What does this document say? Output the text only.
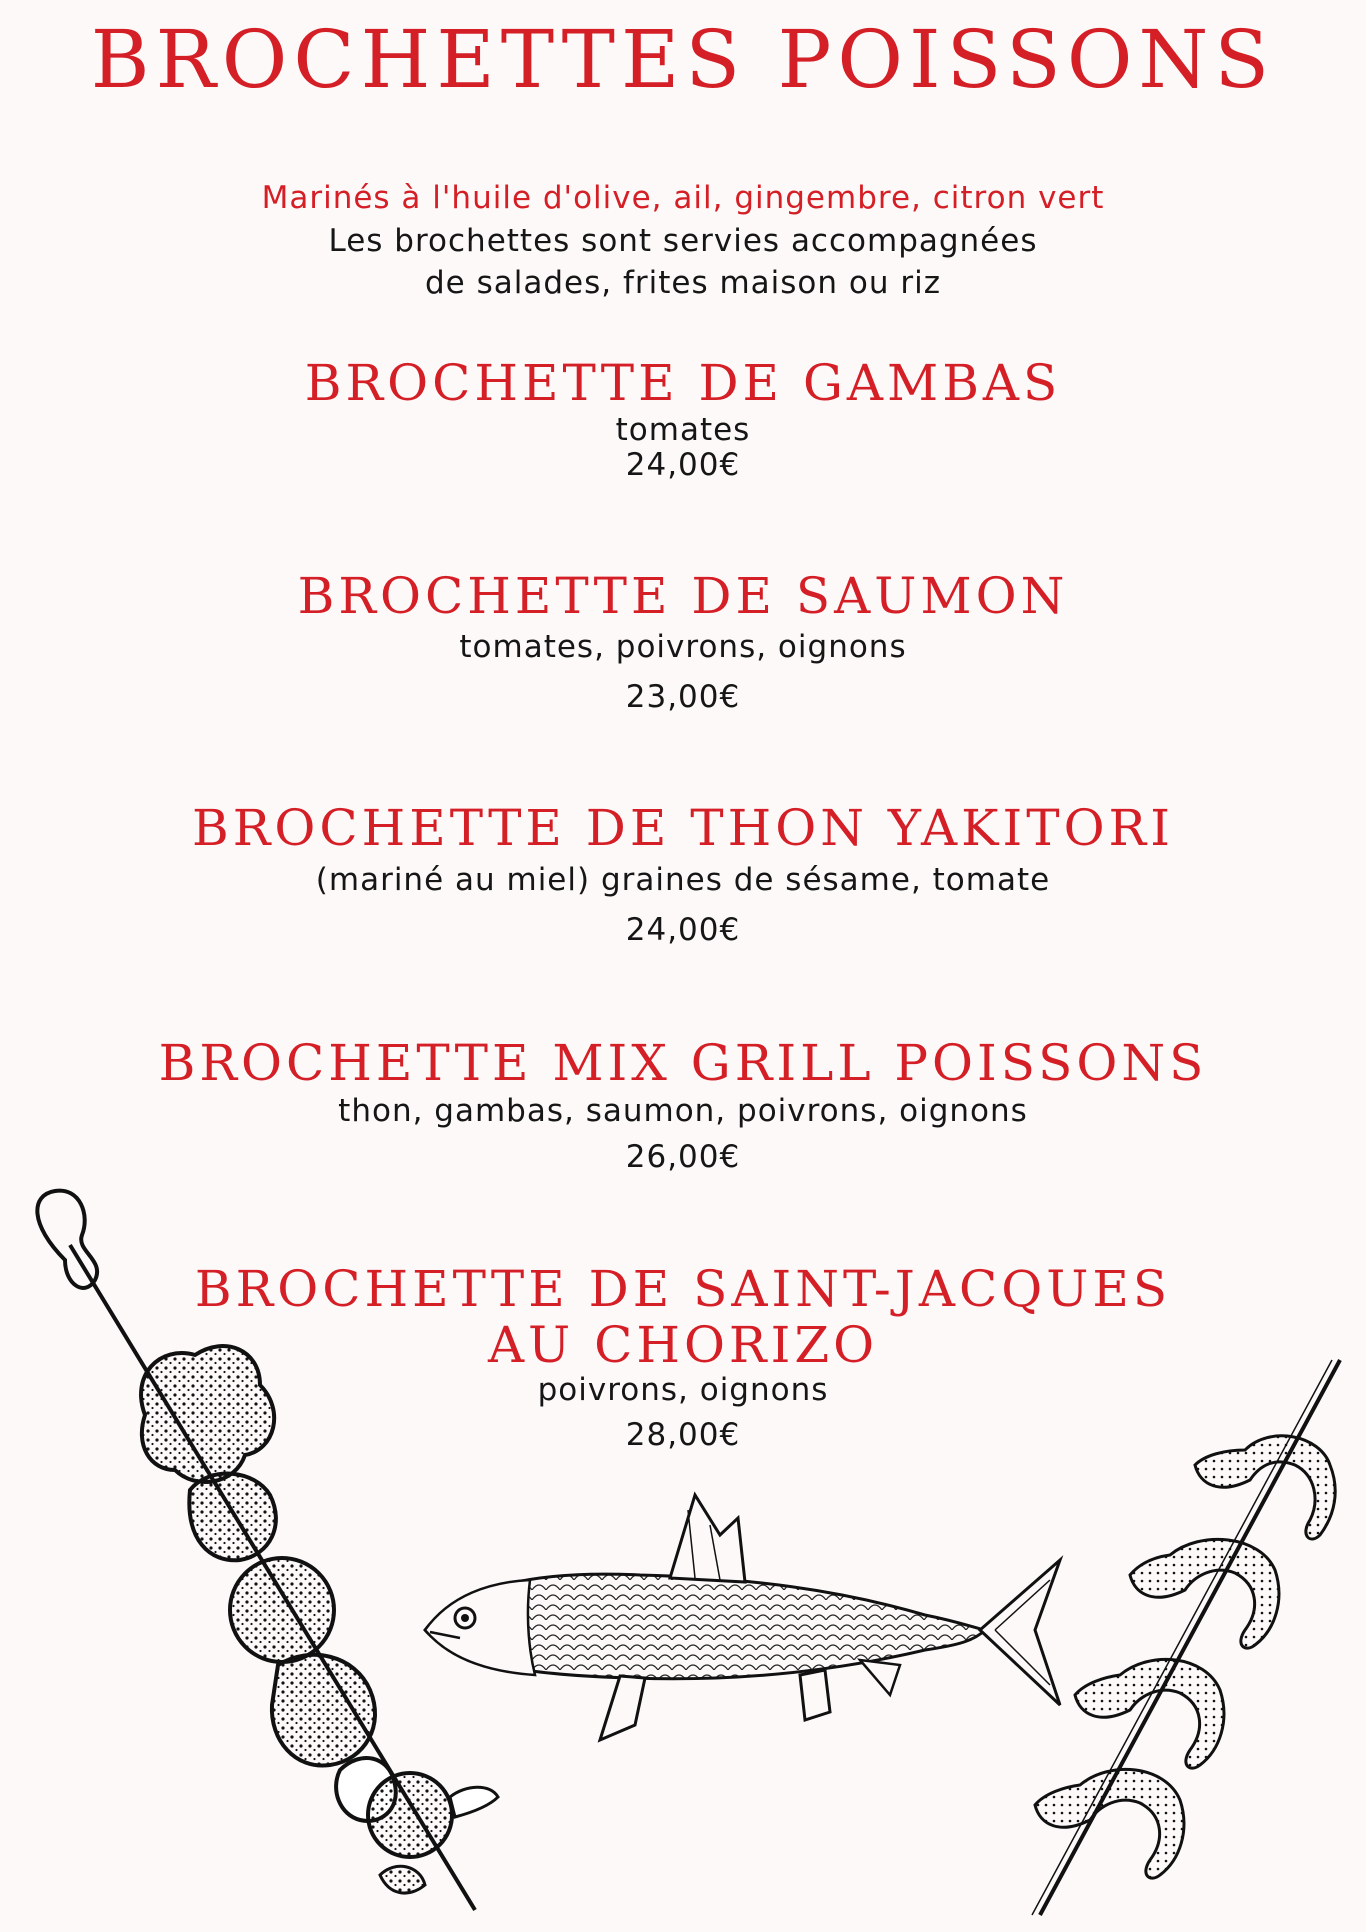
BROCHETTES POISSONS

Marinés à l'huile d'olive, ail, gingembre, citron vert
Les brochettes sont servies accompagnées
de salades, frites maison ou riz

BROCHETTE DE GAMBAS

tomates

24,00€

BROCHETTE DE SAUMON

tomates, poivrons, oignons

23,00€

BROCHETTE DE THON YAKITORI

(mariné au miel) graines de sésame, tomate

24,00€

BROCHETTE MIX GRILL POISSONS

thon, gambas, saumon, poivrons, oignons

26,00€

BROCHETTE DE SAINT-JACQUES
AU CHORIZO

poivrons, oignons

28,00€
